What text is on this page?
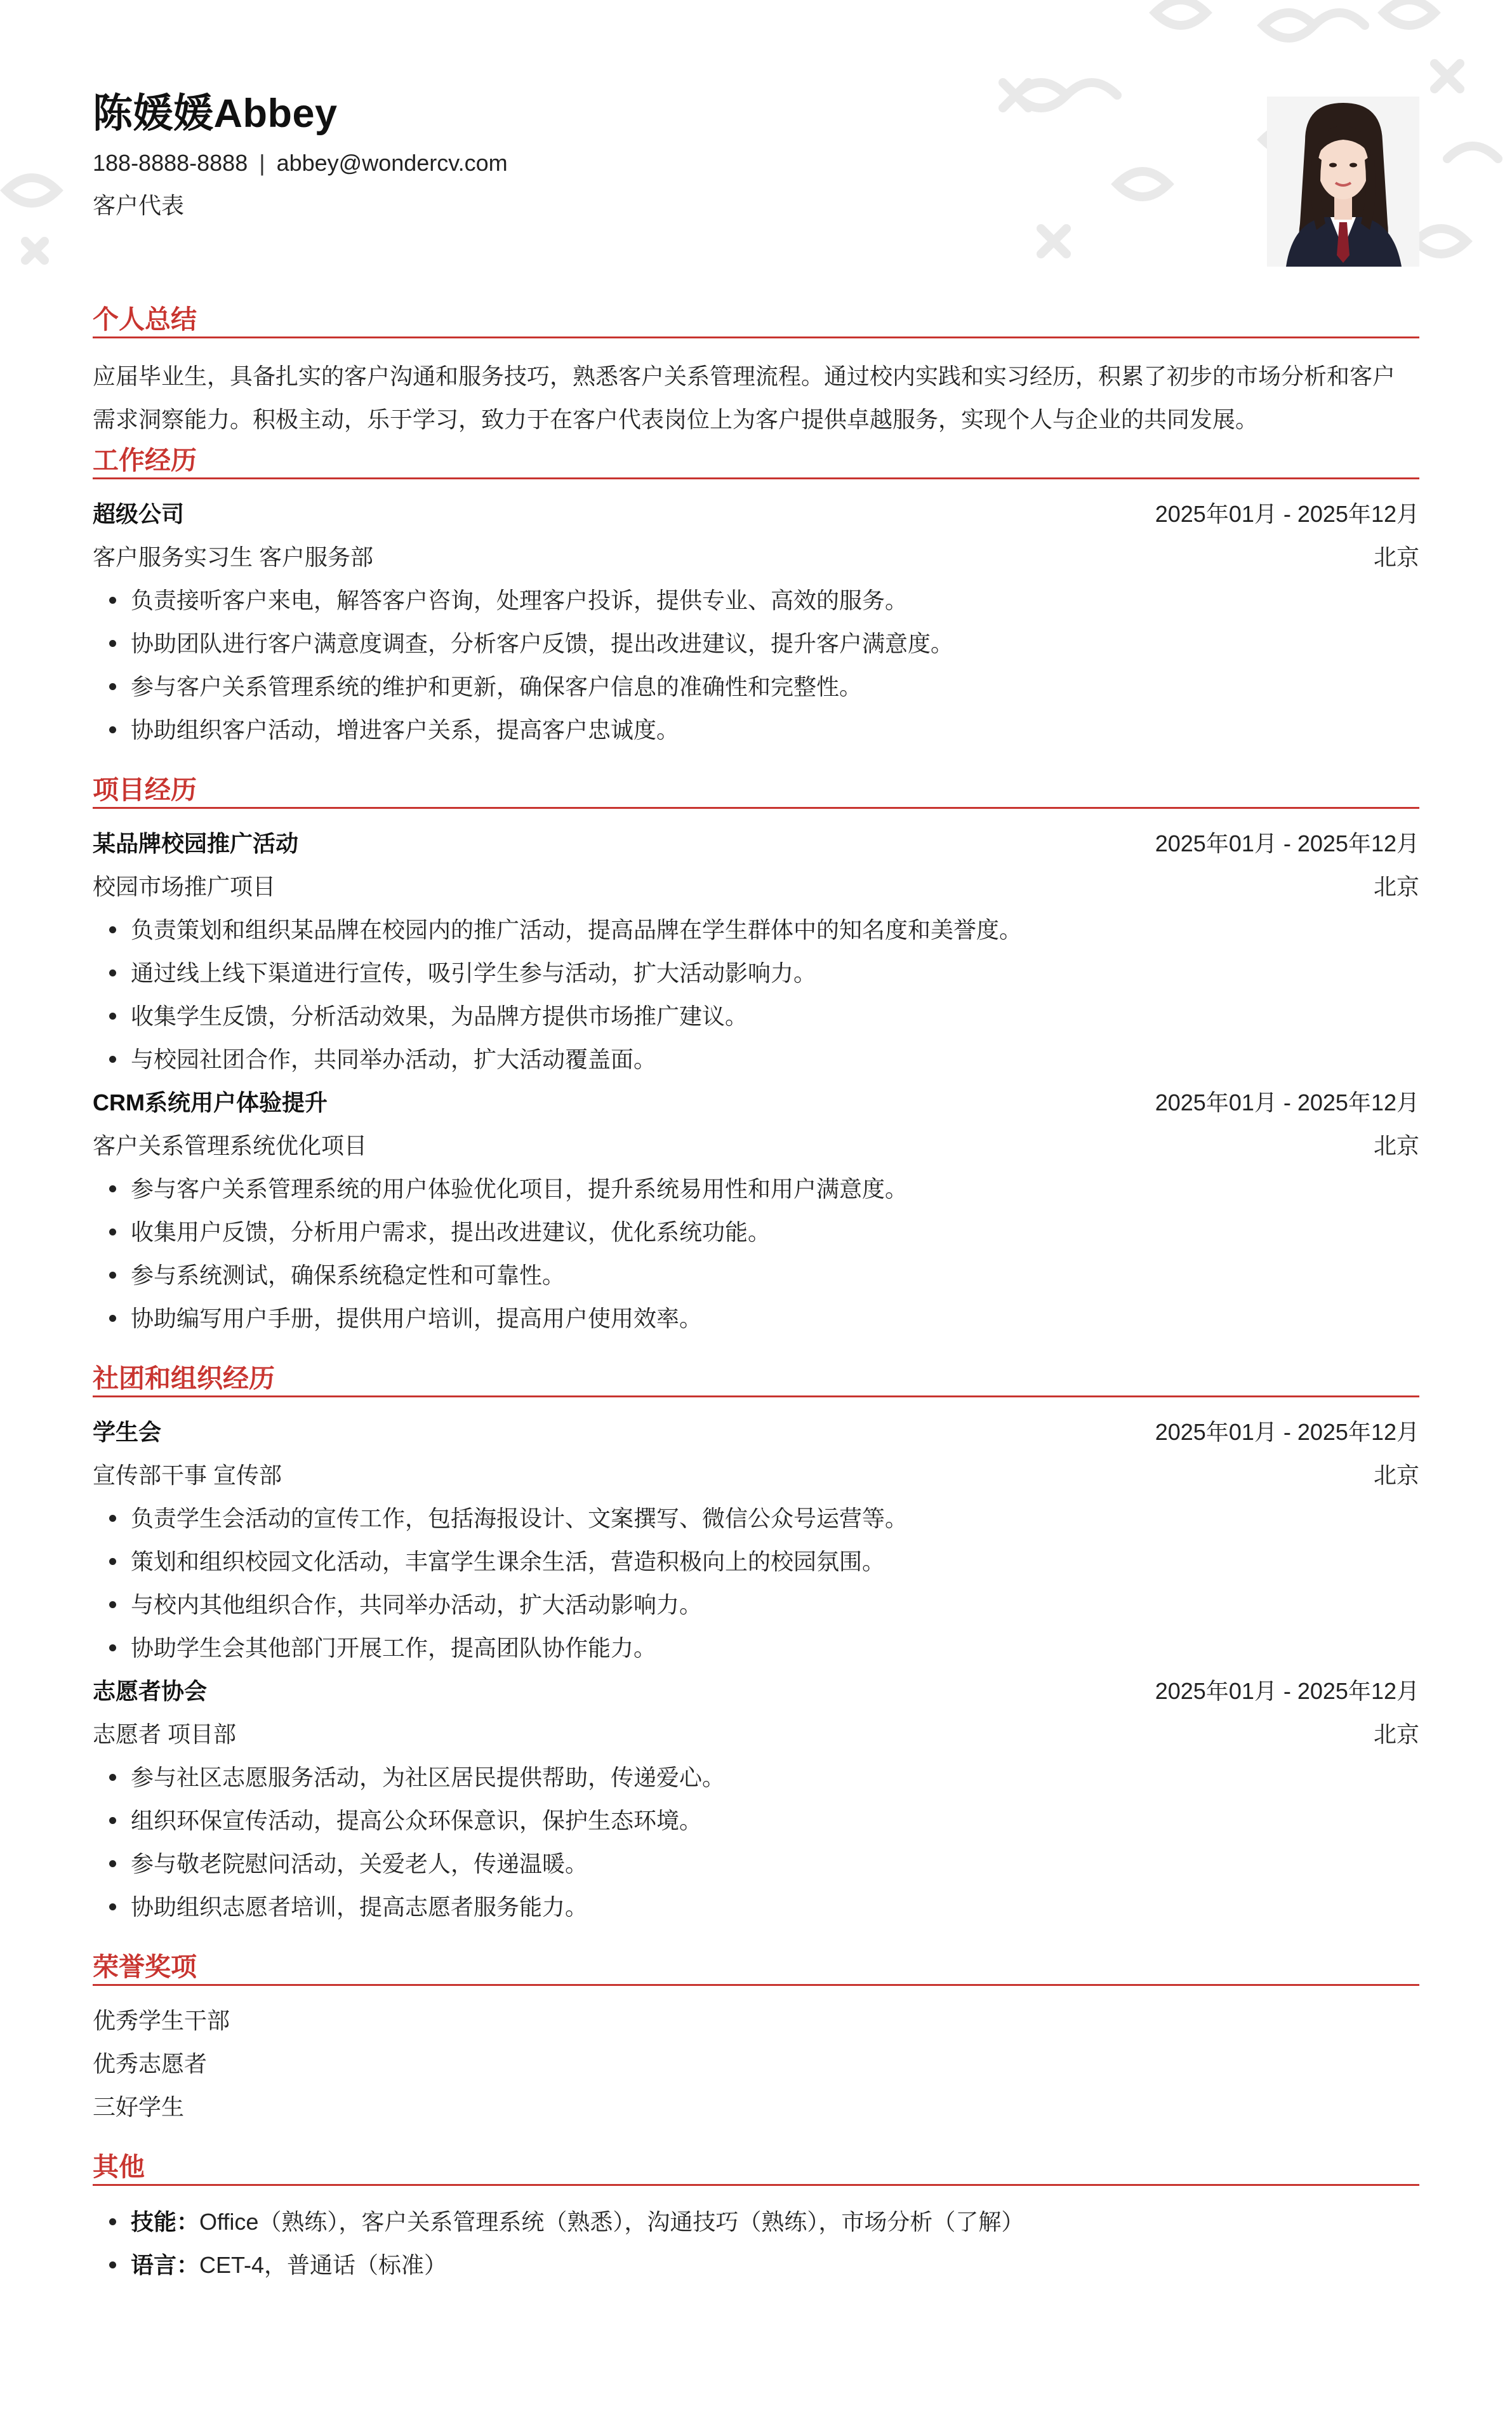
陈媛媛Abbey
188-8888-8888 | abbey@wondercv.com
客户代表
个人总结
应届毕业生，具备扎实的客户沟通和服务技巧，熟悉客户关系管理流程。通过校内实践和实习经历，积累了初步的市场分析和客户
需求洞察能力。积极主动，乐于学习，致力于在客户代表岗位上为客户提供卓越服务，实现个人与企业的共同发展。
工作经历
超级公司	2025年01月 - 2025年12月
客户服务实习生 客户服务部	北京
负责接听客户来电，解答客户咨询，处理客户投诉，提供专业、高效的服务。
协助团队进行客户满意度调查，分析客户反馈，提出改进建议，提升客户满意度。
参与客户关系管理系统的维护和更新，确保客户信息的准确性和完整性。
协助组织客户活动，增进客户关系，提高客户忠诚度。
项目经历
某品牌校园推广活动	2025年01月 - 2025年12月
校园市场推广项目	北京
负责策划和组织某品牌在校园内的推广活动，提高品牌在学生群体中的知名度和美誉度。
通过线上线下渠道进行宣传，吸引学生参与活动，扩大活动影响力。
收集学生反馈，分析活动效果，为品牌方提供市场推广建议。
与校园社团合作，共同举办活动，扩大活动覆盖面。
CRM系统用户体验提升	2025年01月 - 2025年12月
客户关系管理系统优化项目	北京
参与客户关系管理系统的用户体验优化项目，提升系统易用性和用户满意度。
收集用户反馈，分析用户需求，提出改进建议，优化系统功能。
参与系统测试，确保系统稳定性和可靠性。
协助编写用户手册，提供用户培训，提高用户使用效率。
社团和组织经历
学生会	2025年01月 - 2025年12月
宣传部干事 宣传部	北京
负责学生会活动的宣传工作，包括海报设计、文案撰写、微信公众号运营等。
策划和组织校园文化活动，丰富学生课余生活，营造积极向上的校园氛围。
与校内其他组织合作，共同举办活动，扩大活动影响力。
协助学生会其他部门开展工作，提高团队协作能力。
志愿者协会	2025年01月 - 2025年12月
志愿者 项目部	北京
参与社区志愿服务活动，为社区居民提供帮助，传递爱心。
组织环保宣传活动，提高公众环保意识，保护生态环境。
参与敬老院慰问活动，关爱老人，传递温暖。
协助组织志愿者培训，提高志愿者服务能力。
荣誉奖项
优秀学生干部
优秀志愿者
三好学生
其他
技能：Office（熟练），客户关系管理系统（熟悉），沟通技巧（熟练），市场分析（了解）
语言：CET-4，普通话（标准）
